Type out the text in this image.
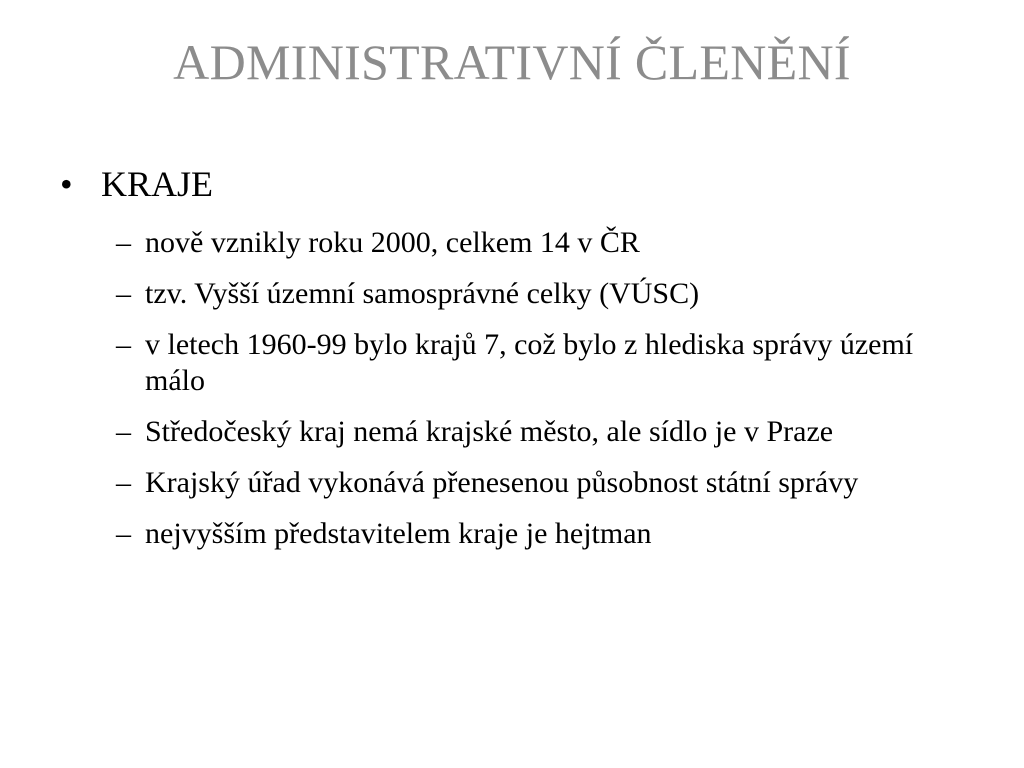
ADMINISTRATIVNÍ ČLENĚNÍ
• KRAJE
– nově vznikly roku 2000, celkem 14 v ČR
– tzv. Vyšší územní samosprávné celky (VÚSC)
– v letech 1960-99 bylo krajů 7, což bylo z hlediska správy území málo
– Středočeský kraj nemá krajské město, ale sídlo je v Praze
– Krajský úřad vykonává přenesenou působnost státní správy
– nejvyšším představitelem kraje je hejtman
